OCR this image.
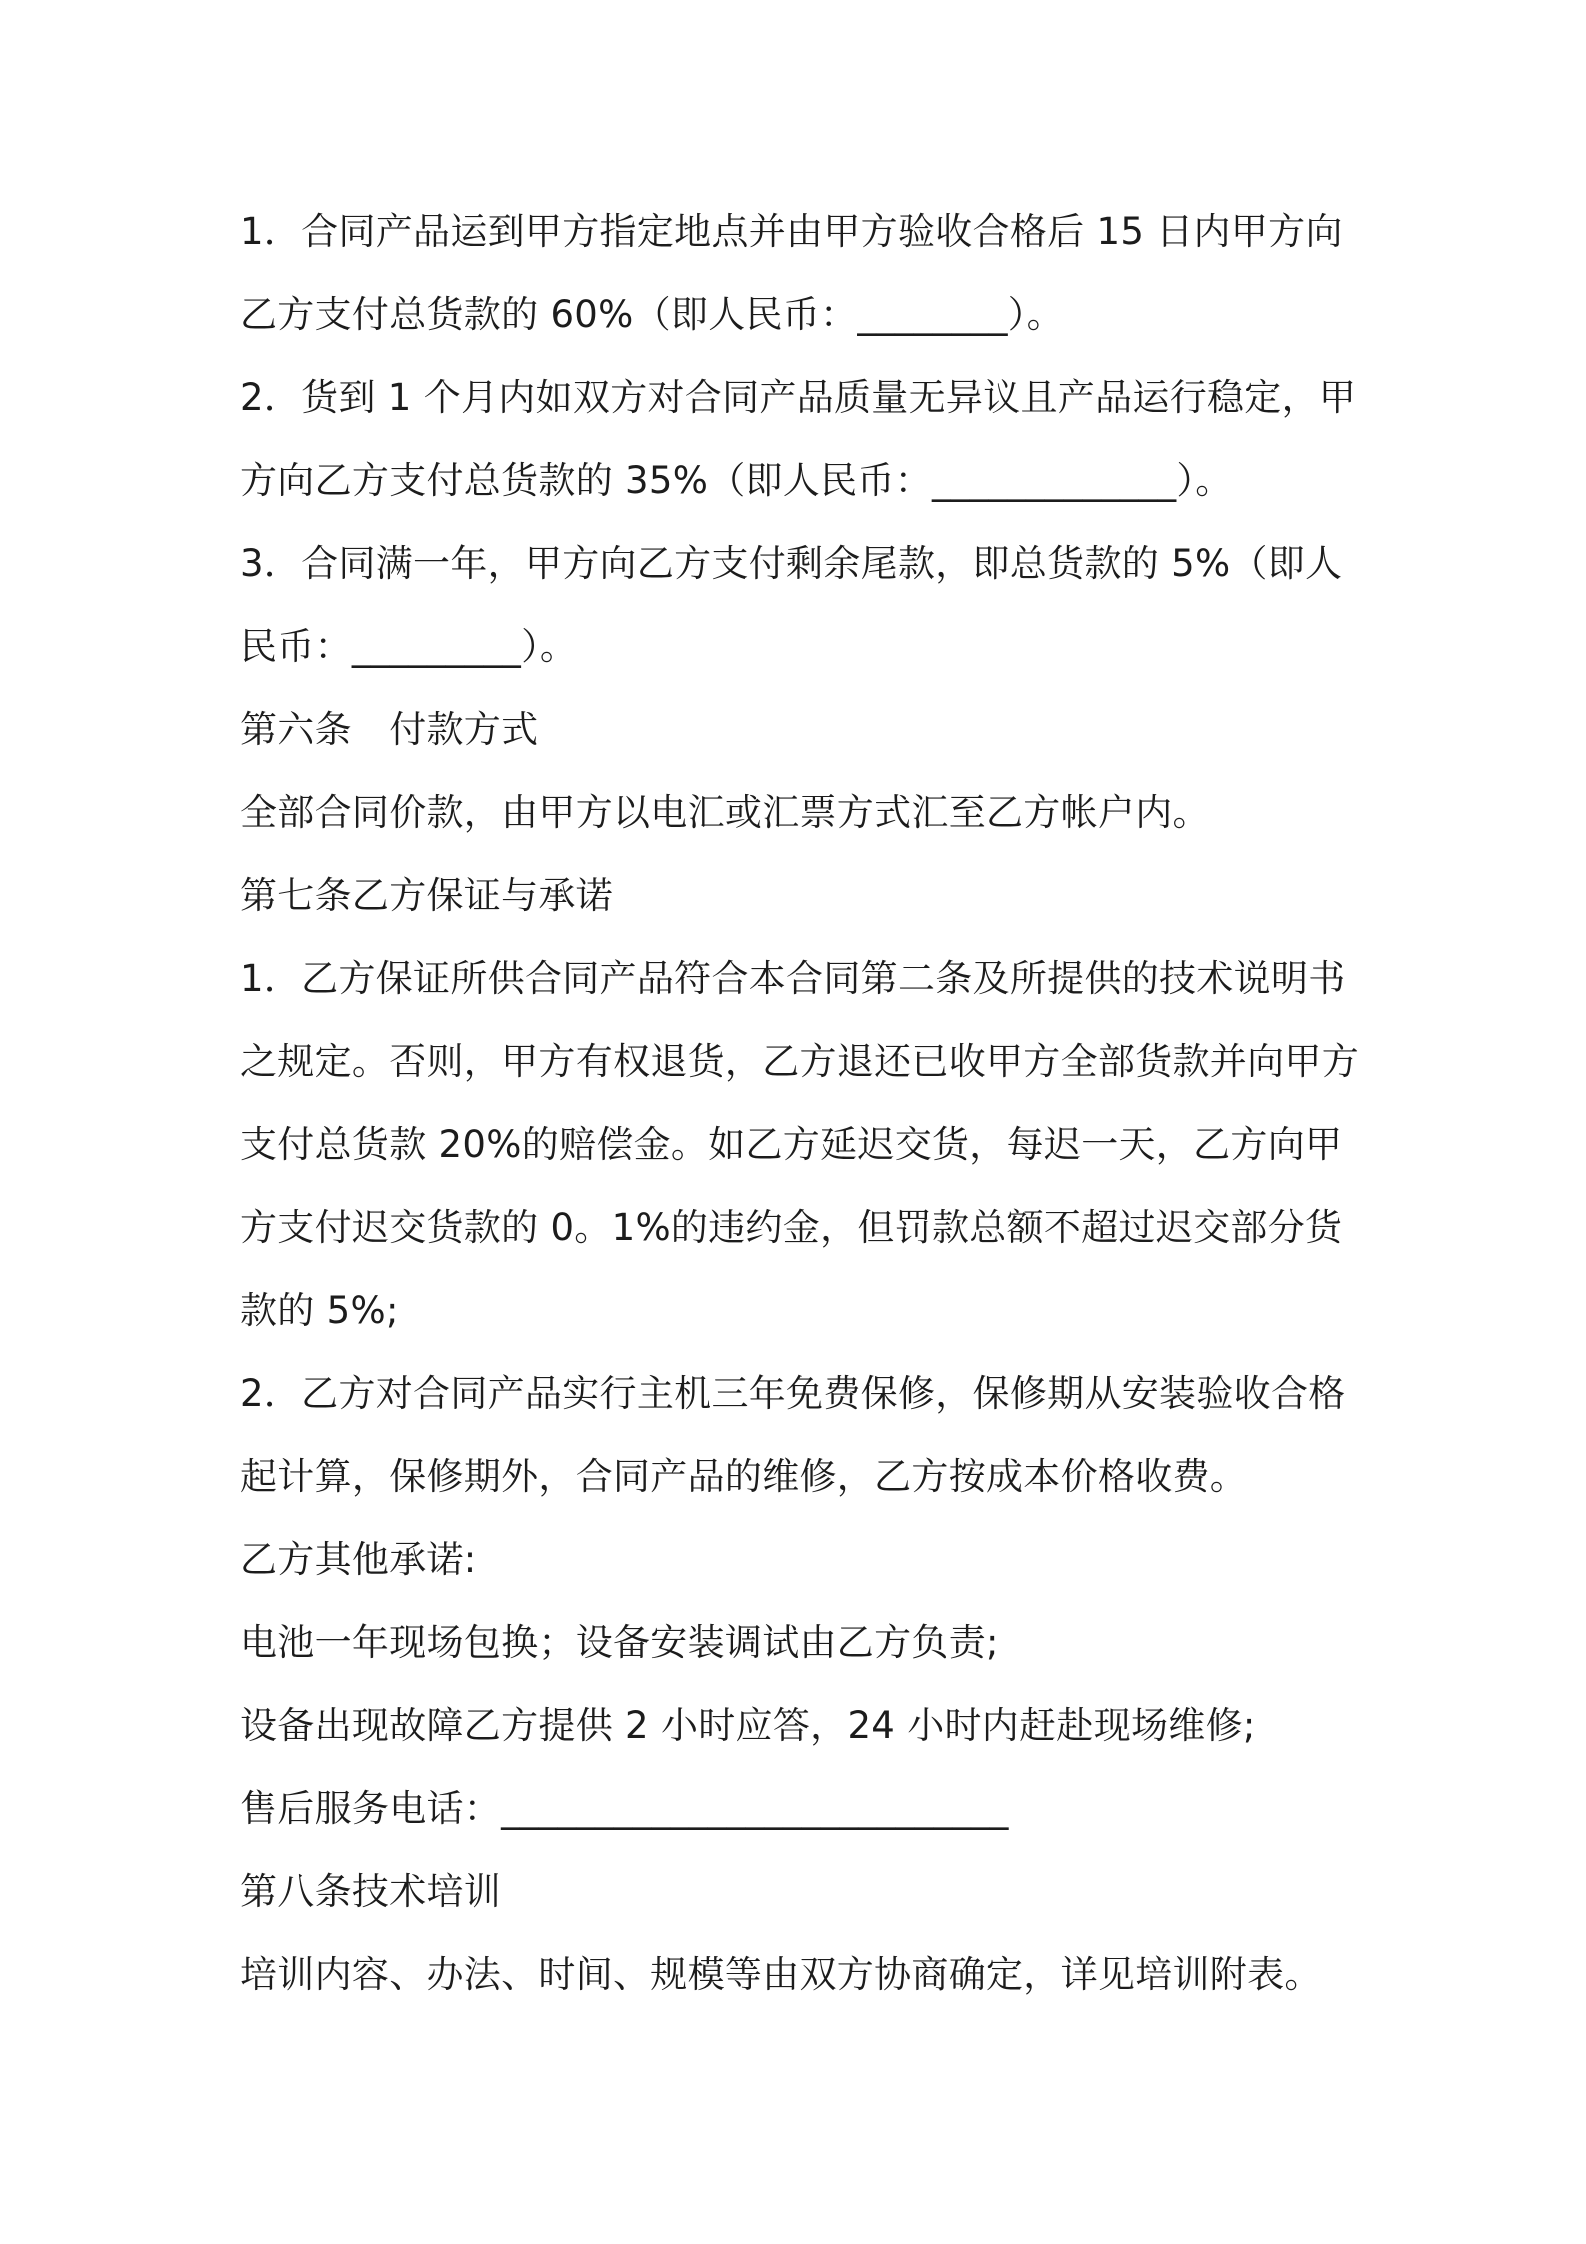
1．合同产品运到甲方指定地点并由甲方验收合格后 15 日内甲方向
乙方支付总货款的 60%（即人民币：________）。
2．货到 1 个月内如双方对合同产品质量无异议且产品运行稳定，甲
方向乙方支付总货款的 35%（即人民币：_____________）。
3．合同满一年，甲方向乙方支付剩余尾款，即总货款的 5%（即人
民币：_________）。
第六条　付款方式
全部合同价款，由甲方以电汇或汇票方式汇至乙方帐户内。
第七条乙方保证与承诺
1．乙方保证所供合同产品符合本合同第二条及所提供的技术说明书
之规定。否则，甲方有权退货，乙方退还已收甲方全部货款并向甲方
支付总货款 20%的赔偿金。如乙方延迟交货，每迟一天，乙方向甲
方支付迟交货款的 0。1%的违约金，但罚款总额不超过迟交部分货
款的 5%;
2．乙方对合同产品实行主机三年免费保修，保修期从安装验收合格
起计算，保修期外，合同产品的维修，乙方按成本价格收费。
乙方其他承诺:
电池一年现场包换；设备安装调试由乙方负责;
设备出现故障乙方提供 2 小时应答，24 小时内赶赴现场维修;
售后服务电话：___________________________
第八条技术培训
培训内容、办法、时间、规模等由双方协商确定，详见培训附表。
